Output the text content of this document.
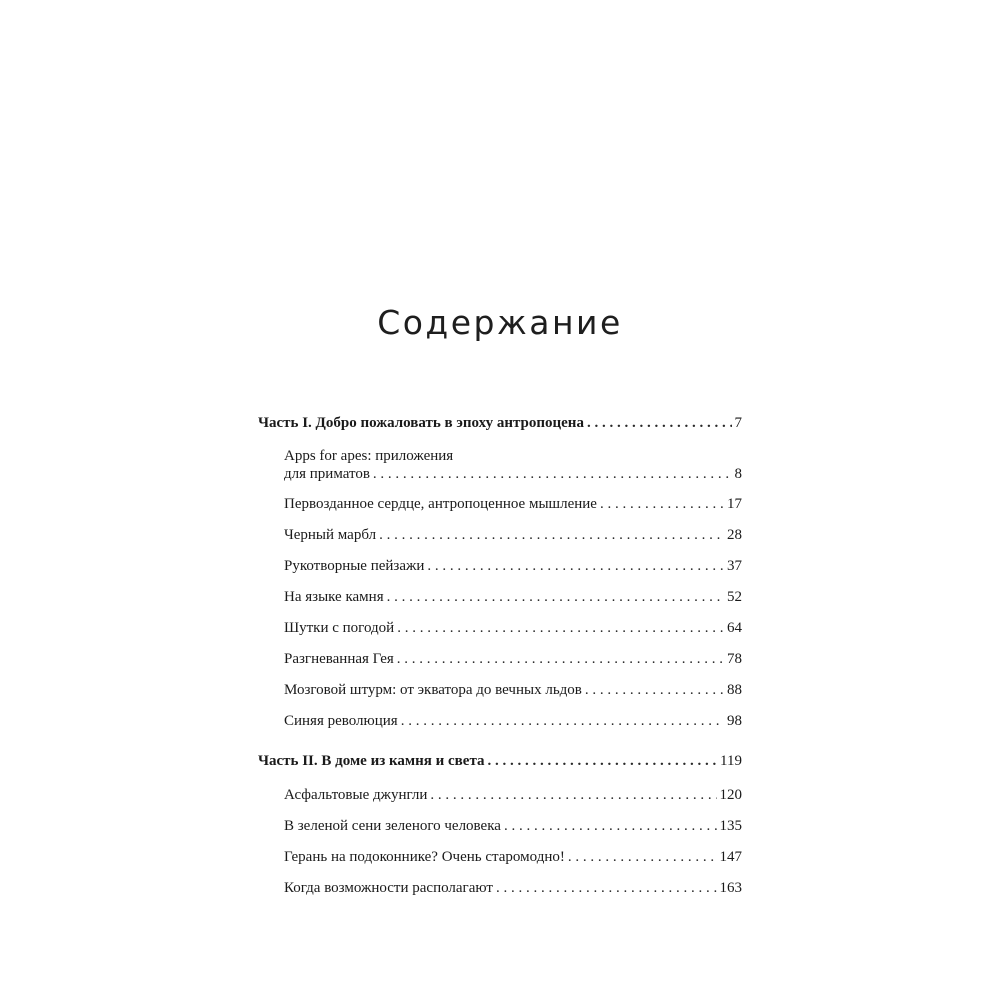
Содержание
Часть I. Добро пожаловать в эпоху антропоцена . . .	7
Apps for apes: приложения
для приматов . . .	8
Первозданное сердце, антропоценное мышление . . .	17
Черный марбл . . .	28
Рукотворные пейзажи . . .	37
На языке камня . . .	52
Шутки с погодой . . .	64
Разгневанная Гея . . .	78
Мозговой штурм: от экватора до вечных льдов . . .	88
Синяя революция . . .	98
Часть II. В доме из камня и света . . .	119
Асфальтовые джунгли . . .	120
В зеленой сени зеленого человека . . .	135
Герань на подоконнике? Очень старомодно! . . .	147
Когда возможности располагают . . .	163
